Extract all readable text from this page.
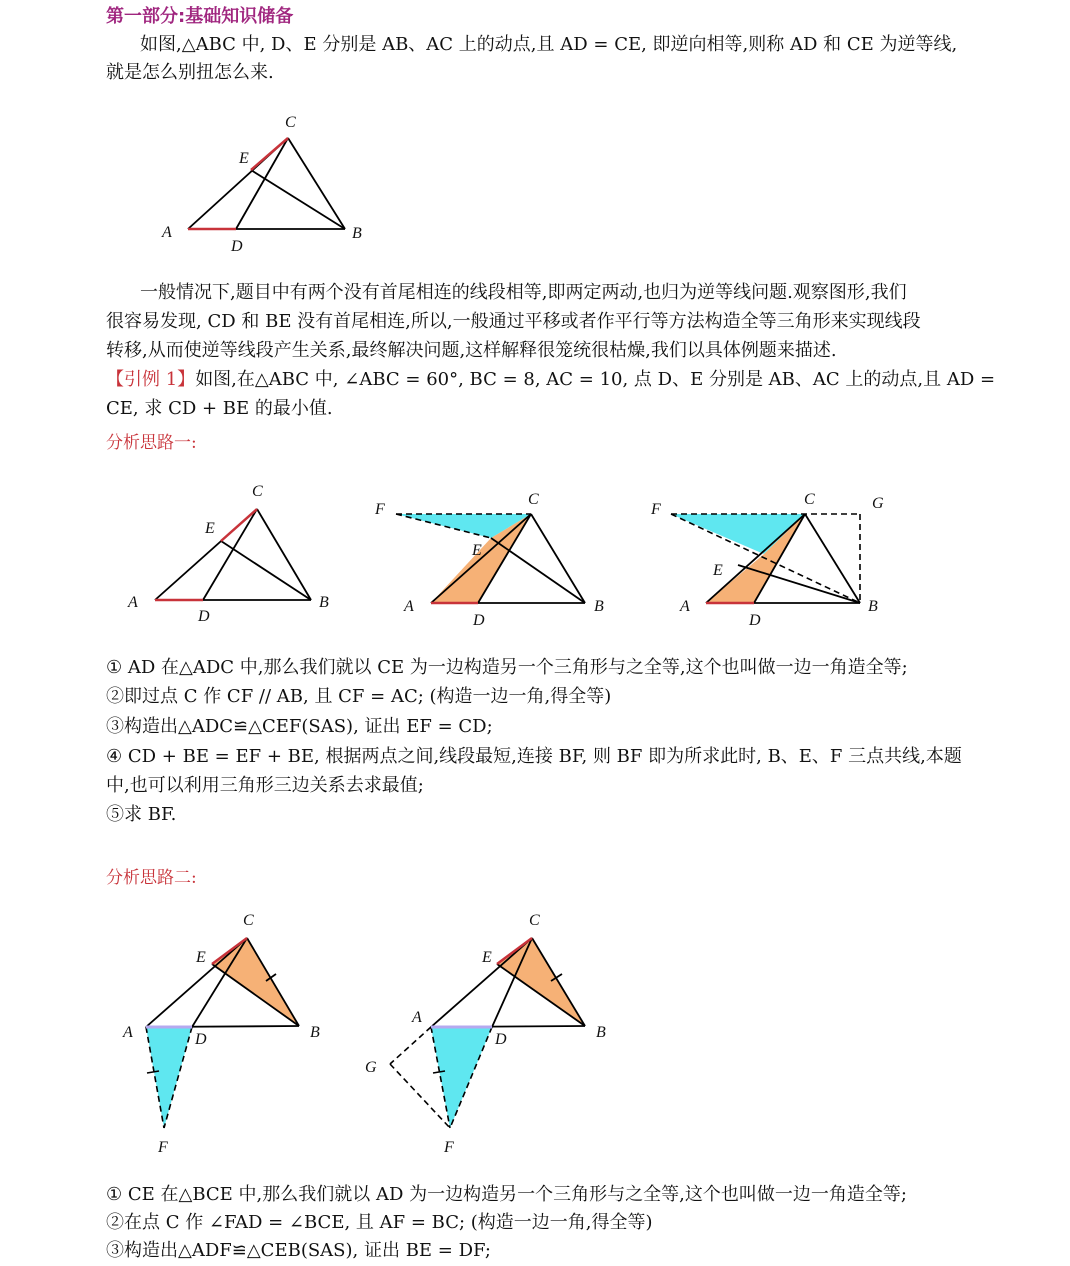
第一部分:基础知识储备
如图,△ABC 中, D、E 分别是 AB、AC 上的动点,且 AD = CE, 即逆向相等,则称 AD 和 CE 为逆等线,
就是怎么别扭怎么来.
C
E
A
D
B
一般情况下,题目中有两个没有首尾相连的线段相等,即两定两动,也归为逆等线问题.观察图形,我们
很容易发现, CD 和 BE 没有首尾相连,所以,一般通过平移或者作平行等方法构造全等三角形来实现线段
转移,从而使逆等线段产生关系,最终解决问题,这样解释很笼统很枯燥,我们以具体例题来描述.
【引例 1】如图,在△ABC 中, ∠ABC = 60°, BC = 8, AC = 10, 点 D、E 分别是 AB、AC 上的动点,且 AD =
CE, 求 CD + BE 的最小值.
分析思路一:
C
E
A
D
B
F
C
E
A
D
B
F
C	G
E
A
D
B
① AD 在△ADC 中,那么我们就以 CE 为一边构造另一个三角形与之全等,这个也叫做一边一角造全等;
②即过点 C 作 CF // AB, 且 CF = AC; (构造一边一角,得全等)
③构造出△ADC≌△CEF(SAS), 证出 EF = CD;
④ CD + BE = EF + BE, 根据两点之间,线段最短,连接 BF, 则 BF 即为所求此时, B、E、F 三点共线,本题
中,也可以利用三角形三边关系去求最值;
⑤求 BF.
分析思路二:
C
E
A	D	B
F
C
E
A
D	B
G
F
① CE 在△BCE 中,那么我们就以 AD 为一边构造另一个三角形与之全等,这个也叫做一边一角造全等;
②在点 C 作 ∠FAD = ∠BCE, 且 AF = BC; (构造一边一角,得全等)
③构造出△ADF≌△CEB(SAS), 证出 BE = DF;
